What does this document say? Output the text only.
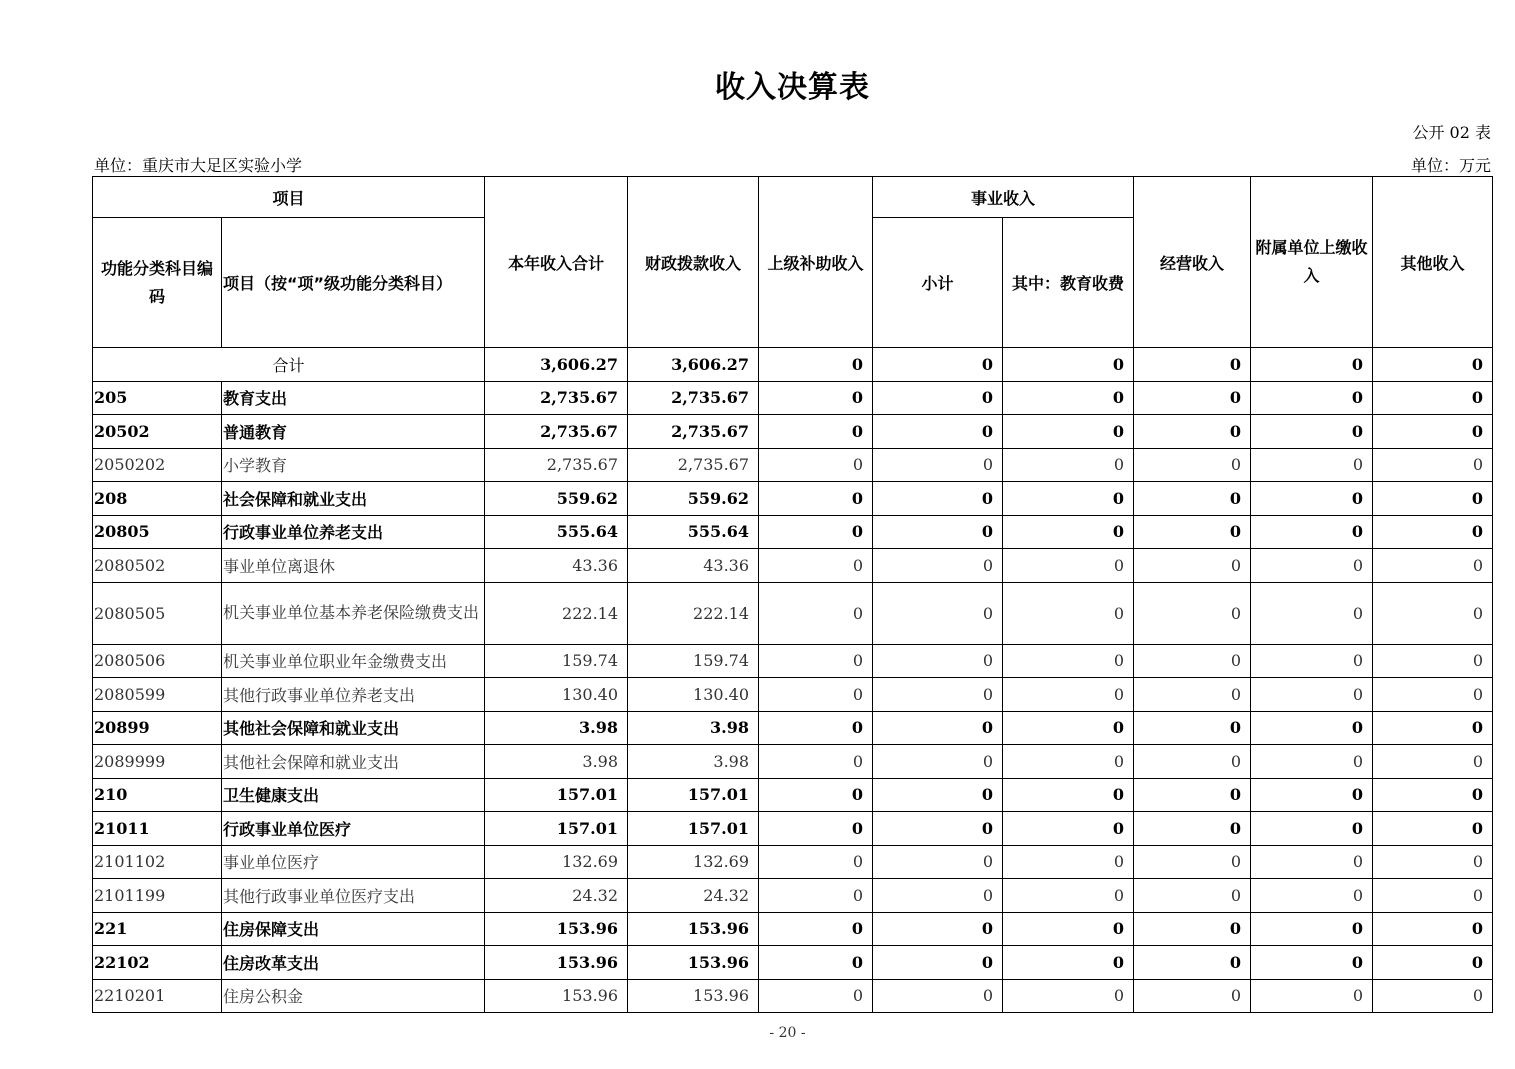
收入决算表
公开 02 表
单位：重庆市大足区实验小学	单位：万元
项目		本年收入合计	财政拨款收入	上级补助收入	事业收入		经营收入	附属单位上缴收入	其他收入
功能分类科目编码	项目（按“项”级功能分类科目）				小计	其中：教育收费			
合计		3,606.27	3,606.27	0	0	0	0	0	0
205	教育支出	2,735.67	2,735.67	0	0	0	0	0	0
20502	普通教育	2,735.67	2,735.67	0	0	0	0	0	0
2050202	小学教育	2,735.67	2,735.67	0	0	0	0	0	0
208	社会保障和就业支出	559.62	559.62	0	0	0	0	0	0
20805	行政事业单位养老支出	555.64	555.64	0	0	0	0	0	0
2080502	事业单位离退休	43.36	43.36	0	0	0	0	0	0
2080505	机关事业单位基本养老保险缴费支出	222.14	222.14	0	0	0	0	0	0
2080506	机关事业单位职业年金缴费支出	159.74	159.74	0	0	0	0	0	0
2080599	其他行政事业单位养老支出	130.40	130.40	0	0	0	0	0	0
20899	其他社会保障和就业支出	3.98	3.98	0	0	0	0	0	0
2089999	其他社会保障和就业支出	3.98	3.98	0	0	0	0	0	0
210	卫生健康支出	157.01	157.01	0	0	0	0	0	0
21011	行政事业单位医疗	157.01	157.01	0	0	0	0	0	0
2101102	事业单位医疗	132.69	132.69	0	0	0	0	0	0
2101199	其他行政事业单位医疗支出	24.32	24.32	0	0	0	0	0	0
221	住房保障支出	153.96	153.96	0	0	0	0	0	0
22102	住房改革支出	153.96	153.96	0	0	0	0	0	0
2210201	住房公积金	153.96	153.96	0	0	0	0	0	0
- 20 -
